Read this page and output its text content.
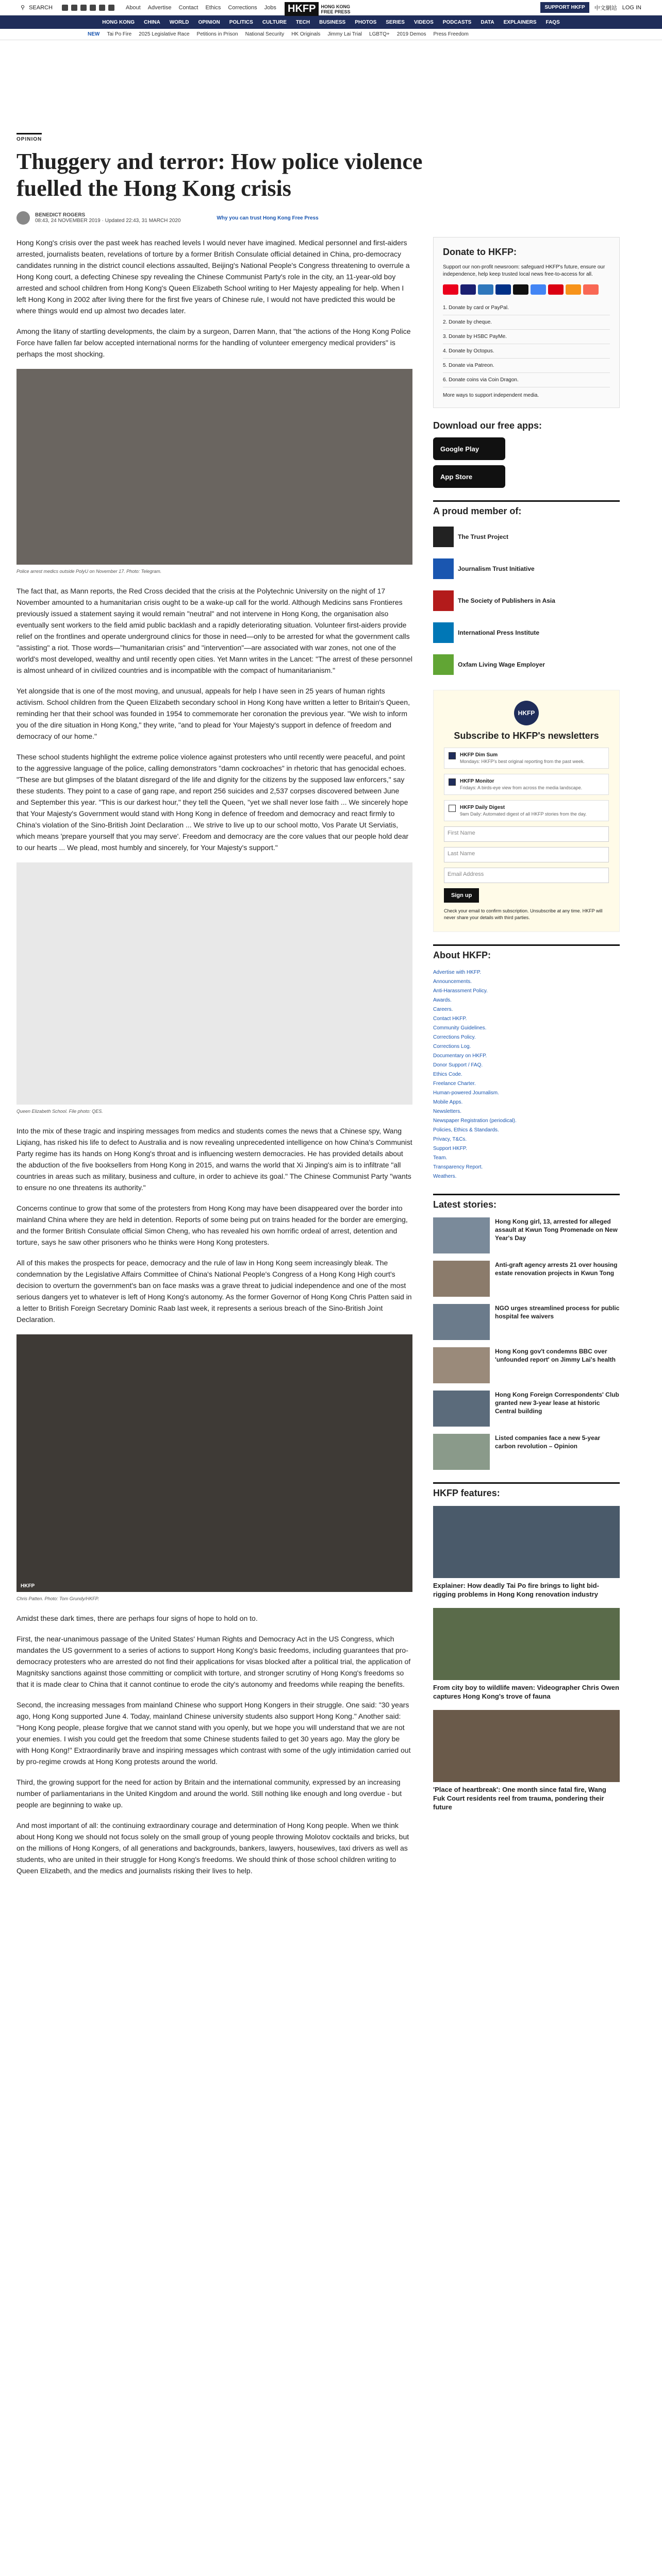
⚲ SEARCH	About Advertise Contact Ethics Corrections Jobs	HKFP	HONG KONG FREE PRESS
SUPPORT HKFP	中文網站 LOG IN
HONG KONG CHINA WORLD OPINION POLITICS CULTURE TECH BUSINESS PHOTOS SERIES VIDEOS PODCASTS DATA EXPLAINERS FAQS
NEW Tai Po Fire 2025 Legislative Race Petitions in Prison National Security HK Originals Jimmy Lai Trial LGBTQ+ 2019 Demos Press Freedom
OPINION
Thuggery and terror: How police violence fuelled the Hong Kong crisis
BENEDICT ROGERS
08:43, 24 NOVEMBER 2019 · Updated 22:43, 31 MARCH 2020	Why you can trust Hong Kong Free Press

Hong Kong's crisis over the past week has reached levels I would never have imagined. Medical personnel and first-aiders arrested, journalists beaten, revelations of torture by a former British Consulate official detained in China, pro-democracy candidates running in the district council elections assaulted, Beijing's National People's Congress threatening to overrule a Hong Kong court, a defecting Chinese spy revealing the Chinese Communist Party's role in the city, an 11-year-old boy arrested and school children from Hong Kong's Queen Elizabeth School writing to Her Majesty appealing for help. When I left Hong Kong in 2002 after living there for the first five years of Chinese rule, I would not have predicted this would be where things would end up almost two decades later.

Among the litany of startling developments, the claim by a surgeon, Darren Mann, that "the actions of the Hong Kong Police Force have fallen far below accepted international norms for the handling of volunteer emergency medical providers" is perhaps the most shocking.

Police arrest medics outside PolyU on November 17. Photo: Telegram.

The fact that, as Mann reports, the Red Cross decided that the crisis at the Polytechnic University on the night of 17 November amounted to a humanitarian crisis ought to be a wake-up call for the world. Although Medicins sans Frontieres previously issued a statement saying it would remain "neutral" and not intervene in Hong Kong, the organisation also eventually sent workers to the field amid public backlash and a rapidly deteriorating situation. Volunteer first-aiders provide relief on the frontlines and operate underground clinics for those in need—only to be arrested for what the government calls "assisting" a riot. Those words—"humanitarian crisis" and "intervention"—are associated with war zones, not one of the world's most developed, wealthy and until recently open cities. Yet Mann writes in the Lancet: "The arrest of these personnel is almost unheard of in civilized countries and is incompatible with the compact of humanitarianism."

Yet alongside that is one of the most moving, and unusual, appeals for help I have seen in 25 years of human rights activism. School children from the Queen Elizabeth secondary school in Hong Kong have written a letter to Britain's Queen, reminding her that their school was founded in 1954 to commemorate her coronation the previous year. "We wish to inform you of the dire situation in Hong Kong," they write, "and to plead for Your Majesty's support in defence of freedom and democracy of our home."

These school students highlight the extreme police violence against protesters who until recently were peaceful, and point to the aggressive language of the police, calling demonstrators "damn cockroaches" in rhetoric that has genocidal echoes. "These are but glimpses of the blatant disregard of the life and dignity for the citizens by the supposed law enforcers," say these students. They point to a case of gang rape, and report 256 suicides and 2,537 corpses discovered between June and September this year. "This is our darkest hour," they tell the Queen, "yet we shall never lose faith ... We sincerely hope that Your Majesty's Government would stand with Hong Kong in defence of freedom and democracy and react firmly to China's violation of the Sino-British Joint Declaration ... We strive to live up to our school motto, Vos Parate Ut Serviatis, which means 'prepare yourself that you may serve'. Freedom and democracy are the core values that our people hold dear to our hearts ... We plead, most humbly and sincerely, for Your Majesty's support."

Queen Elizabeth School. File photo: QES.

Into the mix of these tragic and inspiring messages from medics and students comes the news that a Chinese spy, Wang Liqiang, has risked his life to defect to Australia and is now revealing unprecedented intelligence on how China's Communist Party regime has its hands on Hong Kong's throat and is influencing western democracies. He has provided details about the abduction of the five booksellers from Hong Kong in 2015, and warns the world that Xi Jinping's aim is to infiltrate "all countries in areas such as military, business and culture, in order to achieve its goal." The Chinese Communist Party "wants to ensure no one threatens its authority."

Concerns continue to grow that some of the protesters from Hong Kong may have been disappeared over the border into mainland China where they are held in detention. Reports of some being put on trains headed for the border are emerging, and the former British Consulate official Simon Cheng, who has revealed his own horrific ordeal of arrest, detention and torture, says he saw other prisoners who he thinks were Hong Kong protesters.

All of this makes the prospects for peace, democracy and the rule of law in Hong Kong seem increasingly bleak. The condemnation by the Legislative Affairs Committee of China's National People's Congress of a Hong Kong High court's decision to overturn the government's ban on face masks was a grave threat to judicial independence and one of the most serious dangers yet to whatever is left of Hong Kong's autonomy. As the former Governor of Hong Kong Chris Patten said in a letter to British Foreign Secretary Dominic Raab last week, it represents a serious breach of the Sino-British Joint Declaration.

HKFP
Chris Patten. Photo: Tom Grundy/HKFP.

Amidst these dark times, there are perhaps four signs of hope to hold on to.

First, the near-unanimous passage of the United States' Human Rights and Democracy Act in the US Congress, which mandates the US government to a series of actions to support Hong Kong's basic freedoms, including guarantees that pro-democracy protesters who are arrested do not find their applications for visas blocked after a political trial, the application of Magnitsky sanctions against those committing or complicit with torture, and stronger scrutiny of Hong Kong's freedoms so that it is made clear to China that it cannot continue to erode the city's autonomy and freedoms while reaping the benefits.

Second, the increasing messages from mainland Chinese who support Hong Kongers in their struggle. One said: "30 years ago, Hong Kong supported June 4. Today, mainland Chinese university students also support Hong Kong." Another said: "Hong Kong people, please forgive that we cannot stand with you openly, but we hope you will understand that we are not your enemies. I wish you could get the freedom that some Chinese students failed to get 30 years ago. May the glory be with Hong Kong!" Extraordinarily brave and inspiring messages which contrast with some of the ugly intimidation carried out by pro-regime crowds at Hong Kong protests around the world.

Third, the growing support for the need for action by Britain and the international community, expressed by an increasing number of parliamentarians in the United Kingdom and around the world. Still nothing like enough and long overdue - but people are beginning to wake up.

And most important of all: the continuing extraordinary courage and determination of Hong Kong people. When we think about Hong Kong we should not focus solely on the small group of young people throwing Molotov cocktails and bricks, but on the millions of Hong Kongers, of all generations and backgrounds, bankers, lawyers, housewives, taxi drivers as well as students, who are united in their struggle for Hong Kong's freedoms. We should think of those school children writing to Queen Elizabeth, and the medics and journalists risking their lives to help.

Donate to HKFP:
Support our non-profit newsroom: safeguard HKFP's future, ensure our independence, help keep trusted local news free-to-access for all.
1. Donate by card or PayPal.
2. Donate by cheque.
3. Donate by HSBC PayMe.
4. Donate by Octopus.
5. Donate via Patreon.
6. Donate coins via Coin Dragon.
More ways to support independent media.
Download our free apps:
Google Play
App Store
A proud member of:
The Trust Project
Journalism Trust Initiative
The Society of Publishers in Asia
International Press Institute
Oxfam Living Wage Employer
HKFP
Subscribe to HKFP's newsletters
HKFP Dim Sum
Mondays: HKFP's best original reporting from the past week.
HKFP Monitor
Fridays: A birds-eye view from across the media landscape.
HKFP Daily Digest
9am Daily: Automated digest of all HKFP stories from the day.
First Name
Last Name
Email Address
Sign up
Check your email to confirm subscription. Unsubscribe at any time. HKFP will never share your details with third parties.
About HKFP:
Advertise with HKFP.
Announcements.
Anti-Harassment Policy.
Awards.
Careers.
Contact HKFP.
Community Guidelines.
Corrections Policy.
Corrections Log.
Documentary on HKFP.
Donor Support / FAQ.
Ethics Code.
Freelance Charter.
Human-powered Journalism.
Mobile Apps.
Newsletters.
Newspaper Registration (periodical).
Policies, Ethics & Standards.
Privacy, T&Cs.
Support HKFP.
Team.
Transparency Report.
Weathers.
Latest stories:
Hong Kong girl, 13, arrested for alleged assault at Kwun Tong Promenade on New Year's Day
Anti-graft agency arrests 21 over housing estate renovation projects in Kwun Tong
NGO urges streamlined process for public hospital fee waivers
Hong Kong gov't condemns BBC over 'unfounded report' on Jimmy Lai's health
Hong Kong Foreign Correspondents' Club granted new 3-year lease at historic Central building
Listed companies face a new 5-year carbon revolution – Opinion
HKFP features:
Explainer: How deadly Tai Po fire brings to light bid-rigging problems in Hong Kong renovation industry
From city boy to wildlife maven: Videographer Chris Owen captures Hong Kong's trove of fauna
'Place of heartbreak': One month since fatal fire, Wang Fuk Court residents reel from trauma, pondering their future
